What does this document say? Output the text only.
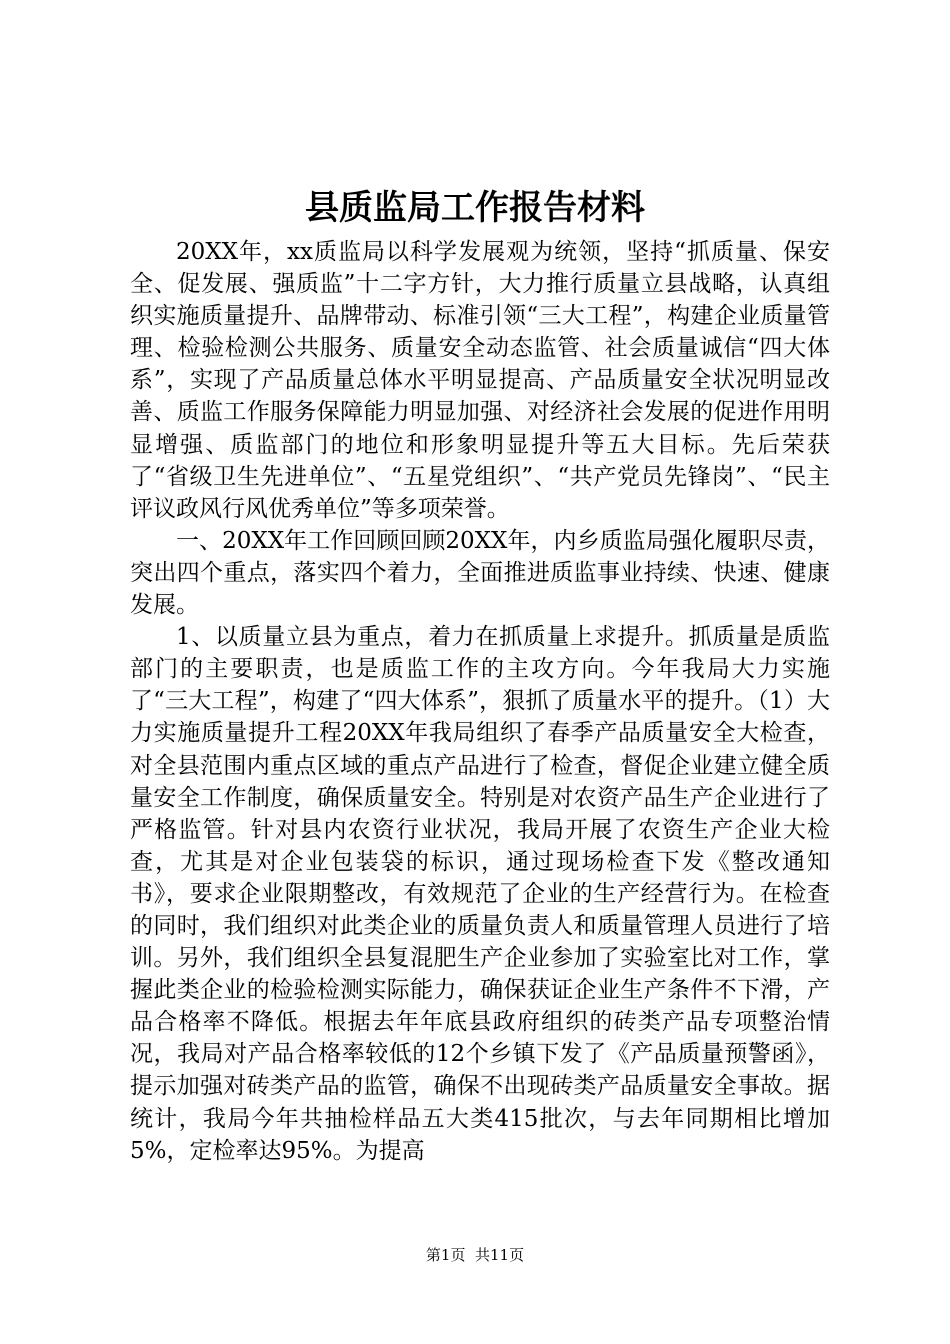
县质监局工作报告材料

20XX年，xx质监局以科学发展观为统领，坚持“抓质量、保安全、促发展、强质监”十二字方针，大力推行质量立县战略，认真组织实施质量提升、品牌带动、标准引领“三大工程”，构建企业质量管理、检验检测公共服务、质量安全动态监管、社会质量诚信“四大体系”，实现了产品质量总体水平明显提高、产品质量安全状况明显改善、质监工作服务保障能力明显加强、对经济社会发展的促进作用明显增强、质监部门的地位和形象明显提升等五大目标。先后荣获了“省级卫生先进单位”、“五星党组织”、“共产党员先锋岗”、“民主评议政风行风优秀单位”等多项荣誉。

一、20XX年工作回顾回顾20XX年，内乡质监局强化履职尽责，突出四个重点，落实四个着力，全面推进质监事业持续、快速、健康发展。

1、以质量立县为重点，着力在抓质量上求提升。抓质量是质监部门的主要职责，也是质监工作的主攻方向。今年我局大力实施了“三大工程”，构建了“四大体系”，狠抓了质量水平的提升。（1）大力实施质量提升工程20XX年我局组织了春季产品质量安全大检查，对全县范围内重点区域的重点产品进行了检查，督促企业建立健全质量安全工作制度，确保质量安全。特别是对农资产品生产企业进行了严格监管。针对县内农资行业状况，我局开展了农资生产企业大检查，尤其是对企业包装袋的标识，通过现场检查下发《整改通知书》，要求企业限期整改，有效规范了企业的生产经营行为。在检查的同时，我们组织对此类企业的质量负责人和质量管理人员进行了培训。另外，我们组织全县复混肥生产企业参加了实验室比对工作，掌握此类企业的检验检测实际能力，确保获证企业生产条件不下滑，产品合格率不降低。根据去年年底县政府组织的砖类产品专项整治情况，我局对产品合格率较低的12个乡镇下发了《产品质量预警函》，提示加强对砖类产品的监管，确保不出现砖类产品质量安全事故。据统计，我局今年共抽检样品五大类415批次，与去年同期相比增加5%，定检率达95%。为提高

第1页 共11页
